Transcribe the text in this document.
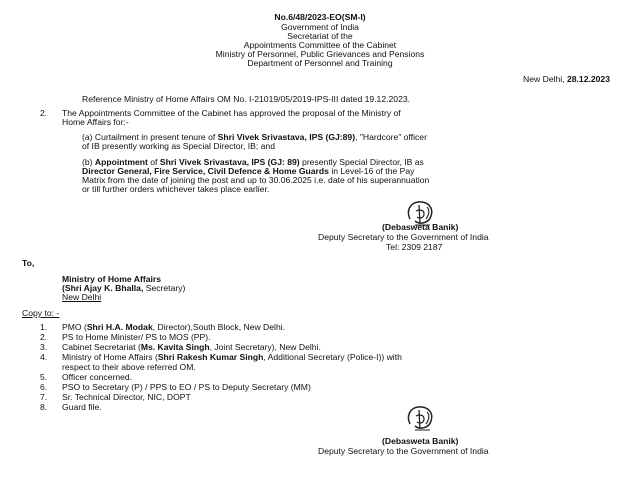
No.6/48/2023-EO(SM-I)
Government of India
Secretariat of the
Appointments Committee of the Cabinet
Ministry of Personnel, Public Grievances and Pensions
Department of Personnel and Training
New Delhi, 28.12.2023
Reference Ministry of Home Affairs OM No. I-21019/05/2019-IPS-III dated 19.12.2023.
2. The Appointments Committee of the Cabinet has approved the proposal of the Ministry of
Home Affairs for:-
(a) Curtailment in present tenure of Shri Vivek Srivastava, IPS (GJ:89), "Hardcore" officer
of IB presently working as Special Director, IB; and
(b) Appointment of Shri Vivek Srivastava, IPS (GJ: 89) presently Special Director, IB as
Director General, Fire Service, Civil Defence & Home Guards in Level-16 of the Pay
Matrix from the date of joining the post and up to 30.06.2025 i.e. date of his superannuation
or till further orders whichever takes place earlier.
(Debasweta Banik)
Deputy Secretary to the Government of India
Tel: 2309 2187
To,
Ministry of Home Affairs
(Shri Ajay K. Bhalla, Secretary)
New Delhi
Copy to: -
1. PMO (Shri H.A. Modak, Director),South Block, New Delhi.
2. PS to Home Minister/ PS to MOS (PP).
3. Cabinet Secretariat (Ms. Kavita Singh, Joint Secretary), New Delhi.
4. Ministry of Home Affairs (Shri Rakesh Kumar Singh, Additional Secretary (Police-I)) with
respect to their above referred OM.
5. Officer concerned.
6. PSO to Secretary (P) / PPS to EO / PS to Deputy Secretary (MM)
7. Sr. Technical Director, NIC, DOPT
8. Guard file.
(Debasweta Banik)
Deputy Secretary to the Government of India
